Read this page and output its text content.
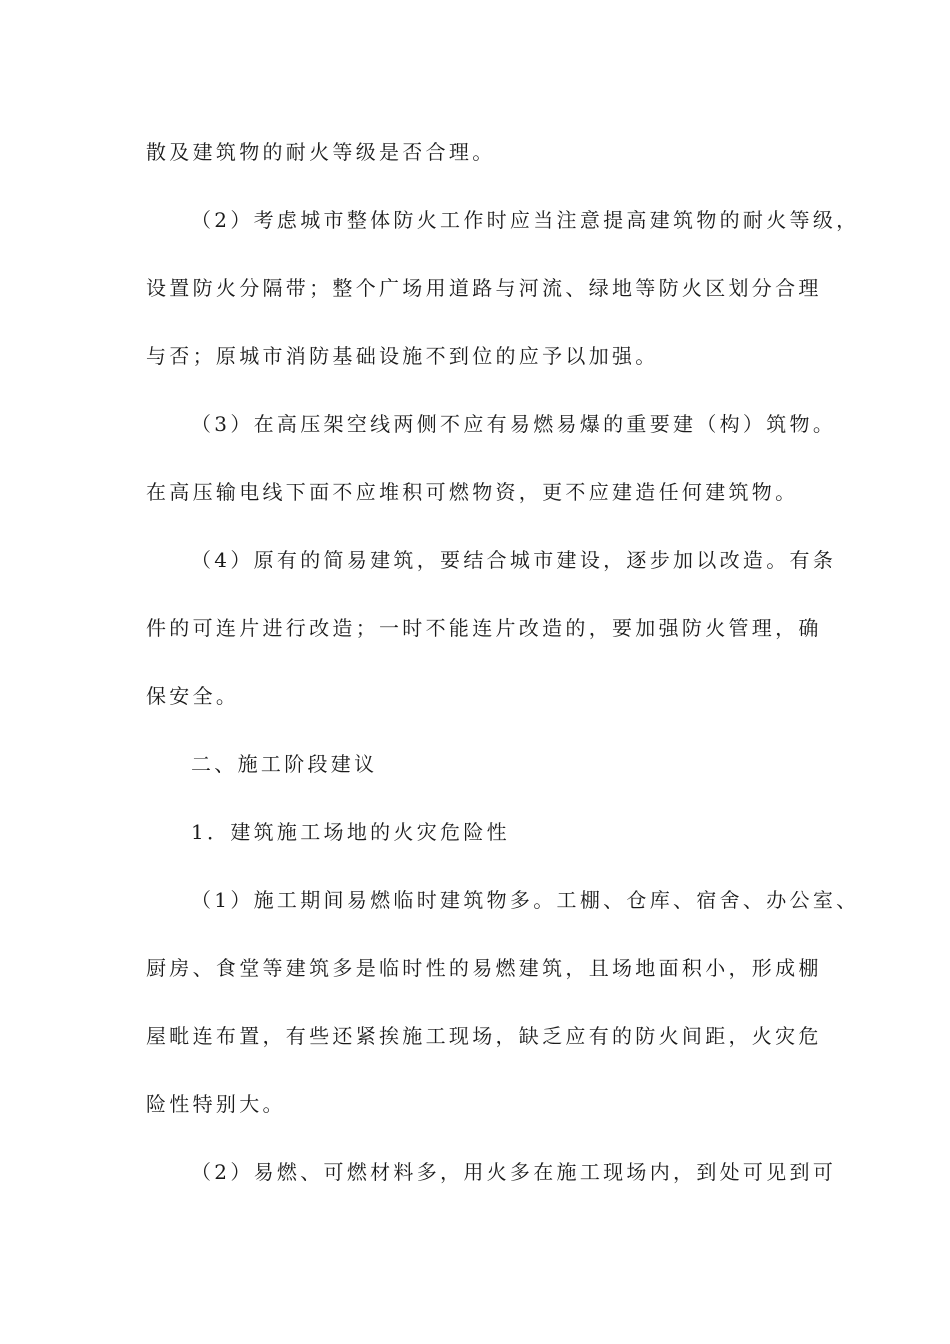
散及建筑物的耐火等级是否合理。
（2）考虑城市整体防火工作时应当注意提高建筑物的耐火等级，
设置防火分隔带；整个广场用道路与河流、绿地等防火区划分合理
与否；原城市消防基础设施不到位的应予以加强。
（3）在高压架空线两侧不应有易燃易爆的重要建（构）筑物。
在高压输电线下面不应堆积可燃物资，更不应建造任何建筑物。
（4）原有的简易建筑，要结合城市建设，逐步加以改造。有条
件的可连片进行改造；一时不能连片改造的，要加强防火管理，确
保安全。
二、施工阶段建议
1．建筑施工场地的火灾危险性
（1）施工期间易燃临时建筑物多。工棚、仓库、宿舍、办公室、
厨房、食堂等建筑多是临时性的易燃建筑，且场地面积小，形成棚
屋毗连布置，有些还紧挨施工现场，缺乏应有的防火间距，火灾危
险性特别大。
（2）易燃、可燃材料多，用火多在施工现场内，到处可见到可
